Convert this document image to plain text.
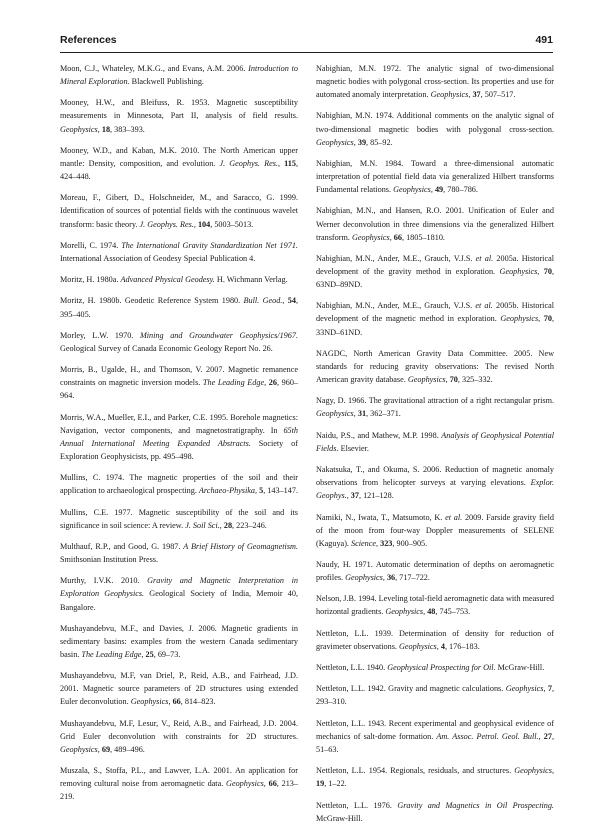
References	491

Moon, C.J., Whateley, M.K.G., and Evans, A.M. 2006. Introduction to Mineral Exploration. Blackwell Publishing.

Mooney, H.W., and Bleifuss, R. 1953. Magnetic susceptibility measurements in Minnesota, Part II, analysis of field results. Geophysics, 18, 383–393.

Mooney, W.D., and Kaban, M.K. 2010. The North American upper mantle: Density, composition, and evolution. J. Geophys. Res., 115, 424–448.

Moreau, F., Gibert, D., Holschneider, M., and Saracco, G. 1999. Identification of sources of potential fields with the continuous wavelet transform: basic theory. J. Geophys. Res., 104, 5003–5013.

Morelli, C. 1974. The International Gravity Standardization Net 1971. International Association of Geodesy Special Publication 4.

Moritz, H. 1980a. Advanced Physical Geodesy. H. Wichmann Verlag.

Moritz, H. 1980b. Geodetic Reference System 1980. Bull. Geod., 54, 395–405.

Morley, L.W. 1970. Mining and Groundwater Geophysics/1967. Geological Survey of Canada Economic Geology Report No. 26.

Morris, B., Ugalde, H., and Thomson, V. 2007. Magnetic remanence constraints on magnetic inversion models. The Leading Edge, 26, 960–964.

Morris, W.A., Mueller, E.I., and Parker, C.E. 1995. Borehole magnetics: Navigation, vector components, and magnetostratigraphy. In 65th Annual International Meeting Expanded Abstracts. Society of Exploration Geophysicists, pp. 495–498.

Mullins, C. 1974. The magnetic properties of the soil and their application to archaeological prospecting. Archaeo-Physika, 5, 143–147.

Mullins, C.E. 1977. Magnetic susceptibility of the soil and its significance in soil science: A review. J. Soil Sci., 28, 223–246.

Multhauf, R.P., and Good, G. 1987. A Brief History of Geomagnetism. Smithsonian Institution Press.

Murthy, I.V.K. 2010. Gravity and Magnetic Interpretation in Exploration Geophysics. Geological Society of India, Memoir 40, Bangalore.

Mushayandebvu, M.F., and Davies, J. 2006. Magnetic gradients in sedimentary basins: examples from the western Canada sedimentary basin. The Leading Edge, 25, 69–73.

Mushayandebvu, M.F, van Driel, P., Reid, A.B., and Fairhead, J.D. 2001. Magnetic source parameters of 2D structures using extended Euler deconvolution. Geophysics, 66, 814–823.

Mushayandebvu, M.F, Lesur, V., Reid, A.B., and Fairhead, J.D. 2004. Grid Euler deconvolution with constraints for 2D structures. Geophysics, 69, 489–496.

Muszala, S., Stoffa, P.L., and Lawver, L.A. 2001. An application for removing cultural noise from aeromagnetic data. Geophysics, 66, 213–219.

Nabighian, M.N. 1972. The analytic signal of two-dimensional magnetic bodies with polygonal cross-section. Its properties and use for automated anomaly interpretation. Geophysics, 37, 507–517.

Nabighian, M.N. 1974. Additional comments on the analytic signal of two-dimensional magnetic bodies with polygonal cross-section. Geophysics, 39, 85–92.

Nabighian, M.N. 1984. Toward a three-dimensional automatic interpretation of potential field data via generalized Hilbert transforms Fundamental relations. Geophysics, 49, 780–786.

Nabighian, M.N., and Hansen, R.O. 2001. Unification of Euler and Werner deconvolution in three dimensions via the generalized Hilbert transform. Geophysics, 66, 1805–1810.

Nabighian, M.N., Ander, M.E., Grauch, V.J.S. et al. 2005a. Historical development of the gravity method in exploration. Geophysics, 70, 63ND–89ND.

Nabighian, M.N., Ander, M.E., Grauch, V.J.S. et al. 2005b. Historical development of the magnetic method in exploration. Geophysics, 70, 33ND–61ND.

NAGDC, North American Gravity Data Committee. 2005. New standards for reducing gravity observations: The revised North American gravity database. Geophysics, 70, 325–332.

Nagy, D. 1966. The gravitational attraction of a right rectangular prism. Geophysics, 31, 362–371.

Naidu, P.S., and Mathew, M.P. 1998. Analysis of Geophysical Potential Fields. Elsevier.

Nakatsuka, T., and Okuma, S. 2006. Reduction of magnetic anomaly observations from helicopter surveys at varying elevations. Explor. Geophys., 37, 121–128.

Namiki, N., Iwata, T., Matsumoto, K. et al. 2009. Farside gravity field of the moon from four-way Doppler measurements of SELENE (Kaguya). Science, 323, 900–905.

Naudy, H. 1971. Automatic determination of depths on aeromagnetic profiles. Geophysics, 36, 717–722.

Nelson, J.B. 1994. Leveling total-field aeromagnetic data with measured horizontal gradients. Geophysics, 48, 745–753.

Nettleton, L.L. 1939. Determination of density for reduction of gravimeter observations. Geophysics, 4, 176–183.

Nettleton, L.L. 1940. Geophysical Prospecting for Oil. McGraw-Hill.

Nettleton, L.L. 1942. Gravity and magnetic calculations. Geophysics, 7, 293–310.

Nettleton, L.L. 1943. Recent experimental and geophysical evidence of mechanics of salt-dome formation. Am. Assoc. Petrol. Geol. Bull., 27, 51–63.

Nettleton, L.L. 1954. Regionals, residuals, and structures. Geophysics, 19, 1–22.

Nettleton, L.L. 1976. Gravity and Magnetics in Oil Prospecting. McGraw-Hill.
